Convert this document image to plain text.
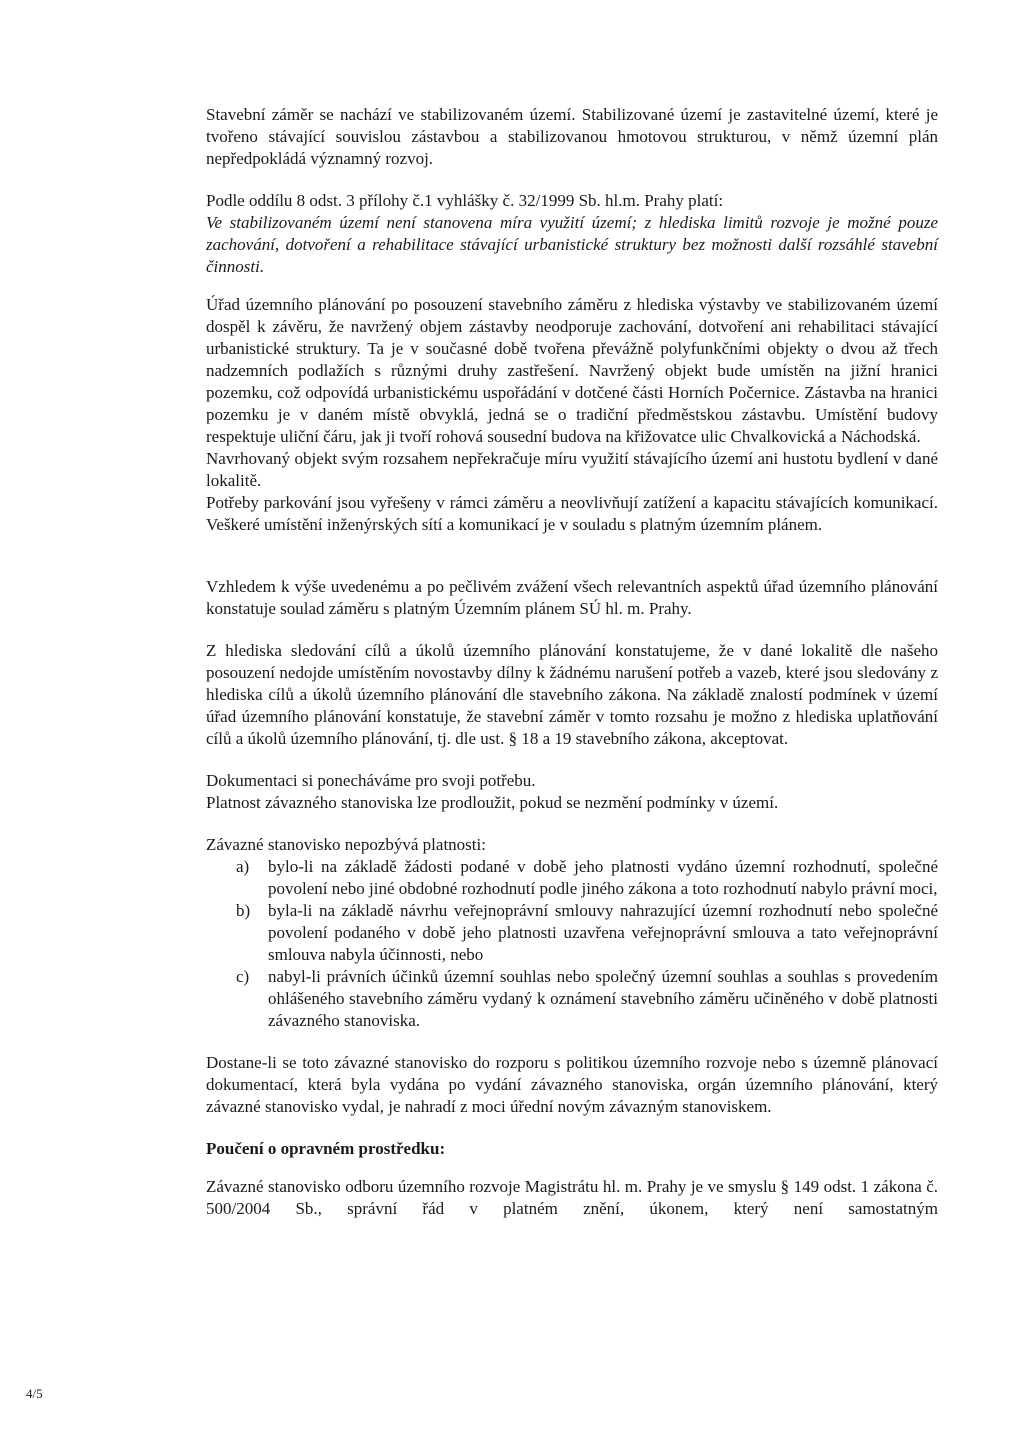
Stavební záměr se nachází ve stabilizovaném území. Stabilizované území je zastavitelné území, které je tvořeno stávající souvislou zástavbou a stabilizovanou hmotovou strukturou, v němž územní plán nepředpokládá významný rozvoj.

Podle oddílu 8 odst. 3 přílohy č.1 vyhlášky č. 32/1999 Sb. hl.m. Prahy platí:

Ve stabilizovaném území není stanovena míra využití území; z hlediska limitů rozvoje je možné pouze zachování, dotvoření a rehabilitace stávající urbanistické struktury bez možnosti další rozsáhlé stavební činnosti.

Úřad územního plánování po posouzení stavebního záměru z hlediska výstavby ve stabilizovaném území dospěl k závěru, že navržený objem zástavby neodporuje zachování, dotvoření ani rehabilitaci stávající urbanistické struktury. Ta je v současné době tvořena převážně polyfunkčními objekty o dvou až třech nadzemních podlažích s různými druhy zastřešení. Navržený objekt bude umístěn na jižní hranici pozemku, což odpovídá urbanistickému uspořádání v dotčené části Horních Počernice. Zástavba na hranici pozemku je v daném místě obvyklá, jedná se o tradiční předměstskou zástavbu. Umístění budovy respektuje uliční čáru, jak ji tvoří rohová sousední budova na křižovatce ulic Chvalkovická a Náchodská.

Navrhovaný objekt svým rozsahem nepřekračuje míru využití stávajícího území ani hustotu bydlení v dané lokalitě.

Potřeby parkování jsou vyřešeny v rámci záměru a neovlivňují zatížení a kapacitu stávajících komunikací. Veškeré umístění inženýrských sítí a komunikací je v souladu s platným územním plánem.

Vzhledem k výše uvedenému a po pečlivém zvážení všech relevantních aspektů úřad územního plánování konstatuje soulad záměru s platným Územním plánem SÚ hl. m. Prahy.

Z hlediska sledování cílů a úkolů územního plánování konstatujeme, že v dané lokalitě dle našeho posouzení nedojde umístěním novostavby dílny k žádnému narušení potřeb a vazeb, které jsou sledovány z hlediska cílů a úkolů územního plánování dle stavebního zákona. Na základě znalostí podmínek v území úřad územního plánování konstatuje, že stavební záměr v tomto rozsahu je možno z hlediska uplatňování cílů a úkolů územního plánování, tj. dle ust. § 18 a 19 stavebního zákona, akceptovat.

Dokumentaci si ponecháváme pro svoji potřebu.

Platnost závazného stanoviska lze prodloužit, pokud se nezmění podmínky v území.

Závazné stanovisko nepozbývá platnosti:

a) bylo-li na základě žádosti podané v době jeho platnosti vydáno územní rozhodnutí, společné povolení nebo jiné obdobné rozhodnutí podle jiného zákona a toto rozhodnutí nabylo právní moci,
b) byla-li na základě návrhu veřejnoprávní smlouvy nahrazující územní rozhodnutí nebo společné povolení podaného v době jeho platnosti uzavřena veřejnoprávní smlouva a tato veřejnoprávní smlouva nabyla účinnosti, nebo
c) nabyl-li právních účinků územní souhlas nebo společný územní souhlas a souhlas s provedením ohlášeného stavebního záměru vydaný k oznámení stavebního záměru učiněného v době platnosti závazného stanoviska.

Dostane-li se toto závazné stanovisko do rozporu s politikou územního rozvoje nebo s územně plánovací dokumentací, která byla vydána po vydání závazného stanoviska, orgán územního plánování, který závazné stanovisko vydal, je nahradí z moci úřední novým závazným stanoviskem.

Poučení o opravném prostředku:

Závazné stanovisko odboru územního rozvoje Magistrátu hl. m. Prahy je ve smyslu § 149 odst. 1 zákona č. 500/2004 Sb., správní řád v platném znění, úkonem, který není samostatným

4/5
